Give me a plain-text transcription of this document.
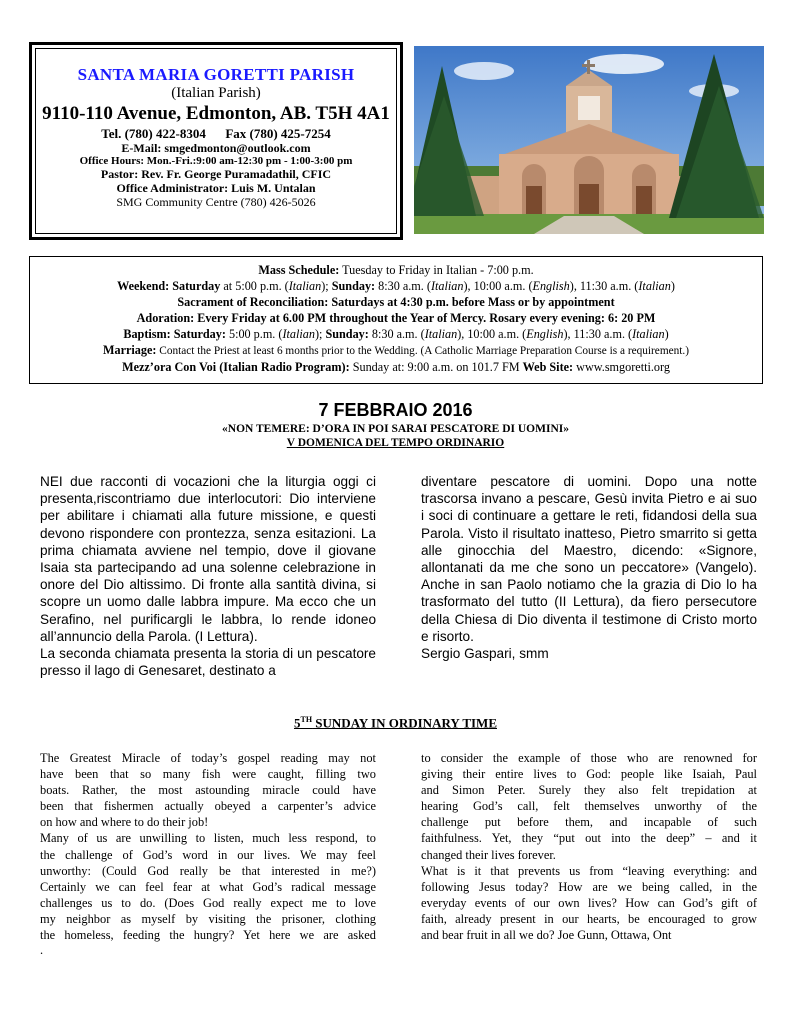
SANTA MARIA GORETTI PARISH
(Italian Parish)
9110-110 Avenue, Edmonton, AB. T5H 4A1
Tel. (780) 422-8304      Fax (780) 425-7254
E-Mail: smgedmonton@outlook.com
Office Hours: Mon.-Fri.:9:00 am-12:30 pm - 1:00-3:00 pm
Pastor: Rev. Fr. George Puramadathil, CFIC
Office Administrator: Luis M. Untalan
SMG Community Centre (780) 426-5026
Mass Schedule: Tuesday to Friday in Italian - 7:00 p.m.
Weekend: Saturday at 5:00 p.m. (Italian); Sunday: 8:30 a.m. (Italian), 10:00 a.m. (English), 11:30 a.m. (Italian)
Sacrament of Reconciliation: Saturdays at 4:30 p.m. before Mass or by appointment
Adoration: Every Friday at 6.00 PM throughout the Year of Mercy. Rosary every evening: 6: 20 PM
Baptism: Saturday: 5:00 p.m. (Italian); Sunday: 8:30 a.m. (Italian), 10:00 a.m. (English), 11:30 a.m. (Italian)
Marriage: Contact the Priest at least 6 months prior to the Wedding. (A Catholic Marriage Preparation Course is a requirement.)
Mezz’ora Con Voi (Italian Radio Program): Sunday at: 9:00 a.m. on 101.7 FM Web Site: www.smgoretti.org
7 FEBBRAIO 2016
«NON TEMERE: D’ORA IN POI SARAI PESCATORE DI UOMINI»
V DOMENICA DEL TEMPO ORDINARIO

NEI due racconti di vocazioni che la liturgia oggi ci presenta,riscontriamo due interlocutori: Dio interviene per abilitare i chiamati alla future missione, e questi devono rispondere con prontezza, senza esitazioni. La prima chiamata avviene nel tempio, dove il giovane Isaia sta partecipando ad una solenne celebrazione in onore del Dio altissimo. Di fronte alla santità divina, si scopre un uomo dalle labbra impure. Ma ecco che un Serafino, nel purificargli le labbra, lo rende idoneo all’annuncio della Parola. (I Lettura).

La seconda chiamata presenta la storia di un pescatore presso il lago di Genesaret, destinato a

diventare pescatore di uomini. Dopo una notte trascorsa invano a pescare, Gesù invita Pietro e ai suo i soci di continuare a gettare le reti, fidandosi della sua Parola. Visto il risultato inatteso, Pietro smarrito si getta alle ginocchia del Maestro, dicendo: «Signore, allontanati da me che sono un peccatore» (Vangelo). Anche in san Paolo notiamo che la grazia di Dio lo ha trasformato del tutto (II Lettura), da fiero persecutore della Chiesa di Dio diventa il testimone di Cristo morto e risorto.

Sergio Gaspari, smm

5TH SUNDAY IN ORDINARY TIME

The Greatest Miracle of today’s gospel reading may not

have been that so many fish were caught, filling two

boats. Rather, the most astounding miracle could have

been that fishermen actually obeyed a carpenter’s advice

on how and where to do their job!

Many of us are unwilling to listen, much less respond, to

the challenge of God’s word in our lives. We may feel

unworthy: (Could God really be that interested in me?)

Certainly we can feel fear at what God’s radical message

challenges us to do. (Does God really expect me to love

my neighbor as myself by visiting the prisoner, clothing

the homeless, feeding the hungry? Yet here we are asked

.

to consider the example of those who are renowned for

giving their entire lives to God: people like Isaiah, Paul

and Simon Peter. Surely they also felt trepidation at

hearing God’s call, felt themselves unworthy of the

challenge put before them, and incapable of such

faithfulness. Yet, they “put out into the deep” – and it

changed their lives forever.

What is it that prevents us from “leaving everything: and

following Jesus today? How are we being called, in the

everyday events of our own lives? How can God’s gift of

faith, already present in our hearts, be encouraged to grow

and bear fruit in all we do? Joe Gunn, Ottawa, Ont
